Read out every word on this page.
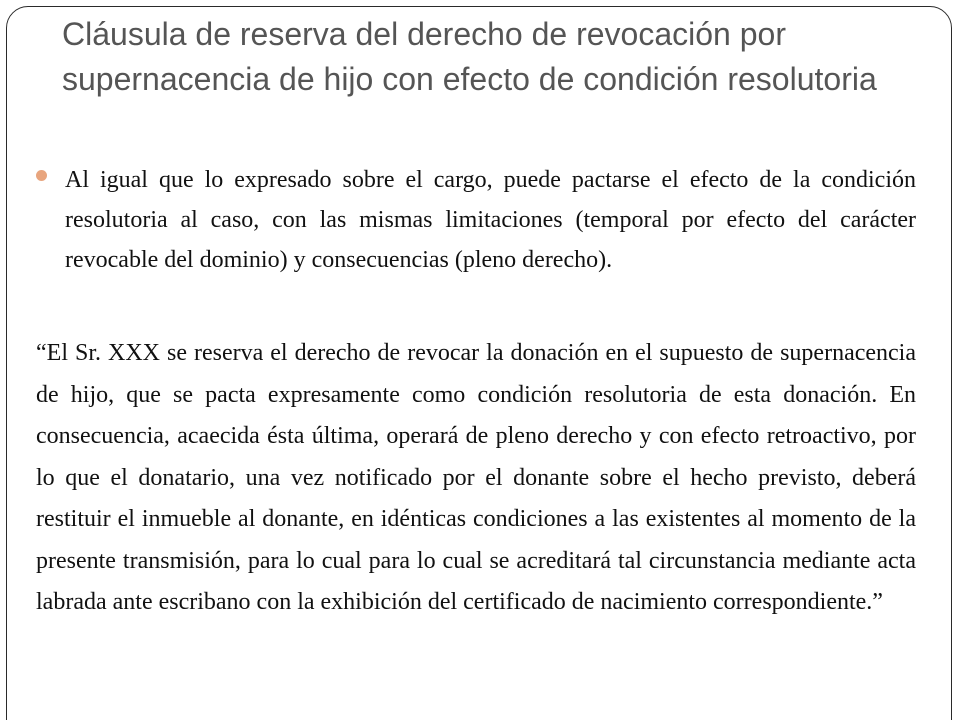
Cláusula de reserva del derecho de revocación por supernacencia de hijo con efecto de condición resolutoria

Al igual que lo expresado sobre el cargo, puede pactarse el efecto de la condición resolutoria al caso, con las mismas limitaciones (temporal por efecto del carácter revocable del dominio) y consecuencias (pleno derecho).

“El Sr. XXX se reserva el derecho de revocar la donación en el supuesto de supernacencia de hijo, que se pacta expresamente como condición resolutoria de esta donación. En consecuencia, acaecida ésta última, operará de pleno derecho y con efecto retroactivo, por lo que el donatario, una vez notificado por el donante sobre el hecho previsto, deberá restituir el inmueble al donante, en idénticas condiciones a las existentes al momento de la presente transmisión, para lo cual para lo cual se acreditará tal circunstancia mediante acta labrada ante escribano con la exhibición del certificado de nacimiento correspondiente.”
